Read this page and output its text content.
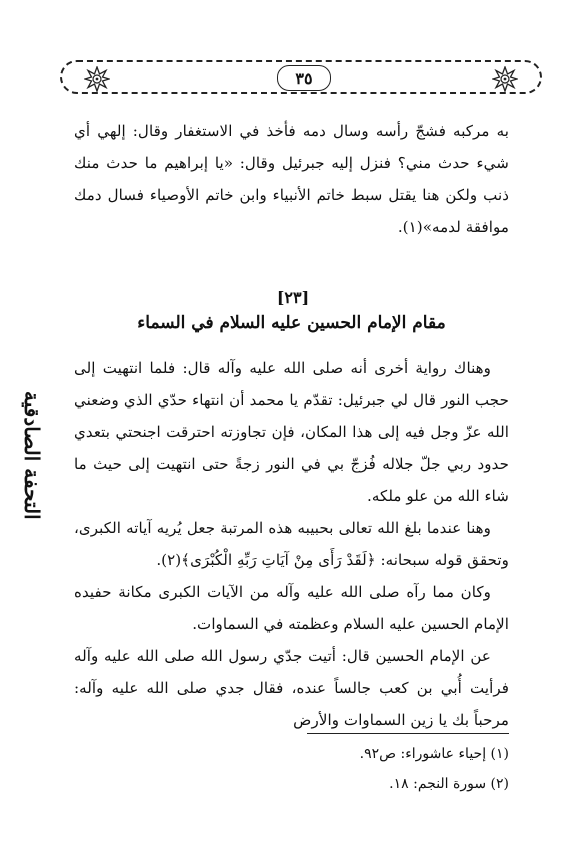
٣٥

به مركبه فشجّ رأسه وسال دمه فأخذ في الاستغفار وقال: إلهي أي شيء حدث مني؟ فنزل إليه جبرئيل وقال: «يا إبراهيم ما حدث منك ذنب ولكن هنا يقتل سبط خاتم الأنبياء وابن خاتم الأوصياء فسال دمك موافقة لدمه»(١).

[٢٣]
مقام الإمام الحسين عليه السلام في السماء

وهناك رواية أخرى أنه صلى الله عليه وآله قال: فلما انتهيت إلى حجب النور قال لي جبرئيل: تقدّم يا محمد أن انتهاء حدّي الذي وضعني الله عزّ وجل فيه إلى هذا المكان، فإن تجاوزته احترقت اجنحتي بتعدي حدود ربي جلّ جلاله فُزجّ بي في النور زجةً حتى انتهيت إلى حيث ما شاء الله من علو ملكه.

وهنا عندما بلغ الله تعالى بحبيبه هذه المرتبة جعل يُريه آياته الكبرى، وتحقق قوله سبحانه: ﴿لَقَدْ رَأَى مِنْ آيَاتِ رَبِّهِ الْكُبْرَى﴾(٢).

وكان مما رآه صلى الله عليه وآله من الآيات الكبرى مكانة حفيده الإمام الحسين عليه السلام وعظمته في السماوات.

عن الإمام الحسين قال: أتيت جدّي رسول الله صلى الله عليه وآله فرأيت أُبي بن كعب جالساً عنده، فقال جدي صلى الله عليه وآله: مرحباً بك يا زين السماوات والأرض

التحفة الصادقية

(١) إحياء عاشوراء: ص٩٢.

(٢) سورة النجم: ١٨.
